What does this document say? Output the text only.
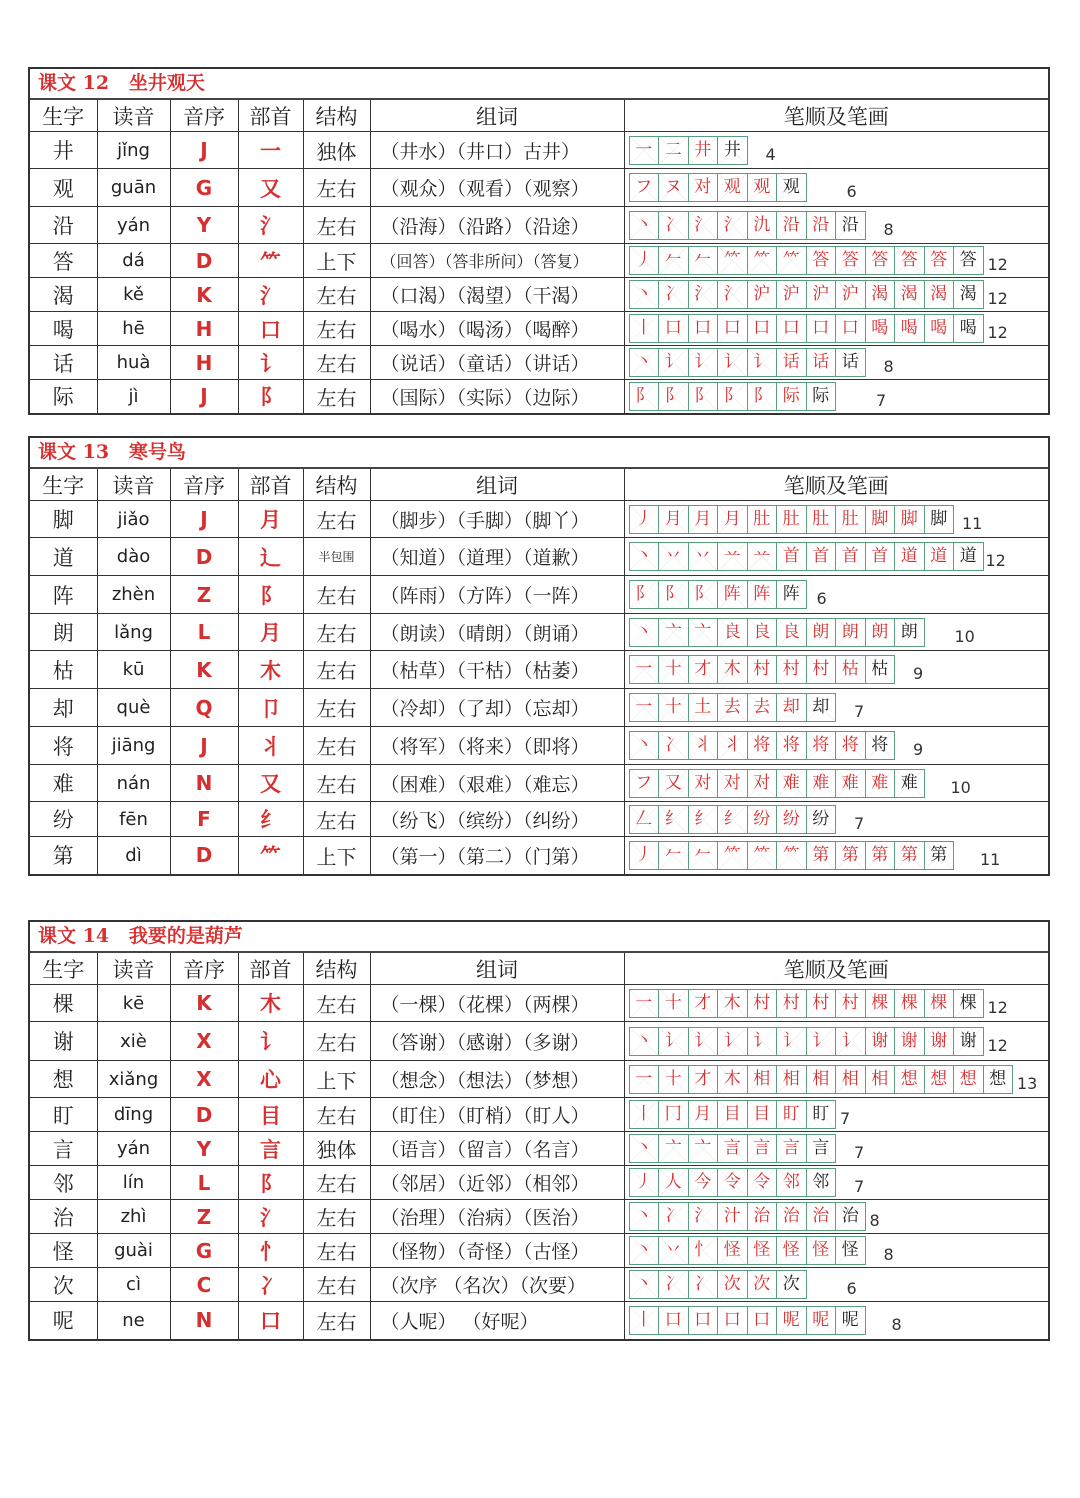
课文 12   坐井观天
生字	读音	音序	部首	结构	组词	笔顺及笔画
井	jǐng	J	一	独体	（井水）（井口）古井）	一 二 井 井 4

观	guān	G	又	左右	（观众）（观看）（观察）	フ ヌ 对 观 观 观	6

沿	yán	Y	氵	左右	（沿海）（沿路）（沿途）	丶 冫 氵 氵 氿 沿 沿 沿	8

答	dá	D	⺮	上下	（回答）（答非所问）（答复）	丿 𠂉 𠂉 ⺮ ⺮ ⺮ 答 答 答 答 答 答 12

渴	kě	K	氵	左右	（口渴）（渴望）（干渴）	丶 冫 氵 氵 沪 沪 沪 沪 渴 渴 渴 渴 12

喝	hē	H	口	左右	（喝水）（喝汤）（喝醉）	丨 口 口 口 口 口 口 口 喝 喝 喝 喝 12

话	huà	H	讠	左右	（说话）（童话）（讲话）	丶 讠 讠 讠 讠 话 话 话	8

际	jì	J	阝	左右	（国际）（实际）（边际）	阝 阝 阝 阝 阝 际 际	7
课文 13   寒号鸟
生字	读音	音序	部首	结构	组词	笔顺及笔画
脚	jiǎo	J	月	左右	（脚步）（手脚）（脚丫）	丿 月 月 月 肚 肚 肚 肚 脚 脚 脚 11

道	dào	D	辶	半包围	（知道）（道理）（道歉）	丶 丷 丷 䒑 䒑 首 首 首 首 道 道 道 12

阵	zhèn	Z	阝	左右	（阵雨）（方阵）（一阵）	阝 阝 阝 阵 阵 阵	6

朗	lǎng	L	月	左右	（朗读）（晴朗）（朗诵）	丶 亠 亠 良 良 良 朗 朗 朗 朗	10

枯	kū	K	木	左右	（枯草）（干枯）（枯萎）	一 十 才 木 村 村 村 枯 枯	9

却	què	Q	卩	左右	（冷却）（了却）（忘却）	一 十 土 去 去 却 却	7

将	jiāng	J	丬	左右	（将军）（将来）（即将）	丶 冫 丬 丬 将 将 将 将 将	9

难	nán	N	又	左右	（困难）（艰难）（难忘）	フ 又 对 对 对 难 难 难 难 难	10

纷	fēn	F	纟	左右	（纷飞）（缤纷）（纠纷）	𠃋 纟 纟 纟 纷 纷 纷	7

第	dì	D	⺮	上下	（第一）（第二）（门第）	丿 𠂉 𠂉 ⺮ ⺮ ⺮ 第 第 第 第 第	11
课文 14   我要的是葫芦
生字	读音	音序	部首	结构	组词	笔顺及笔画
棵	kē	K	木	左右	（一棵）（花棵）（两棵）	一 十 才 木 村 村 村 村 棵 棵 棵 棵 12

谢	xiè	X	讠	左右	（答谢）（感谢）（多谢）	丶 讠 讠 讠 讠 讠 讠 讠 谢 谢 谢 谢 12

想	xiǎng	X	心	上下	（想念）（想法）（梦想）	一 十 才 木 相 相 相 相 相 想 想 想 想 13

盯	dīng	D	目	左右	（盯住）（盯梢）（盯人）	丨 冂 月 目 目 盯 盯 7

言	yán	Y	言	独体	（语言）（留言）（名言）	丶 亠 亠 言 言 言 言	7

邻	lín	L	阝	左右	（邻居）（近邻）（相邻）	丿 人 今 令 令 邻 邻	7

治	zhì	Z	氵	左右	（治理）（治病）（医治）	丶 冫 氵 汁 治 治 治 治 8

怪	guài	G	忄	左右	（怪物）（奇怪）（古怪）	丶 丷 忄 怪 怪 怪 怪 怪	8

次	cì	C	冫	左右	（次序 （名次）（次要）	丶 冫 冫 次 次 次	6

呢	ne	N	口	左右	（人呢） （好呢）	丨 口 口 口 口 呢 呢 呢	8
